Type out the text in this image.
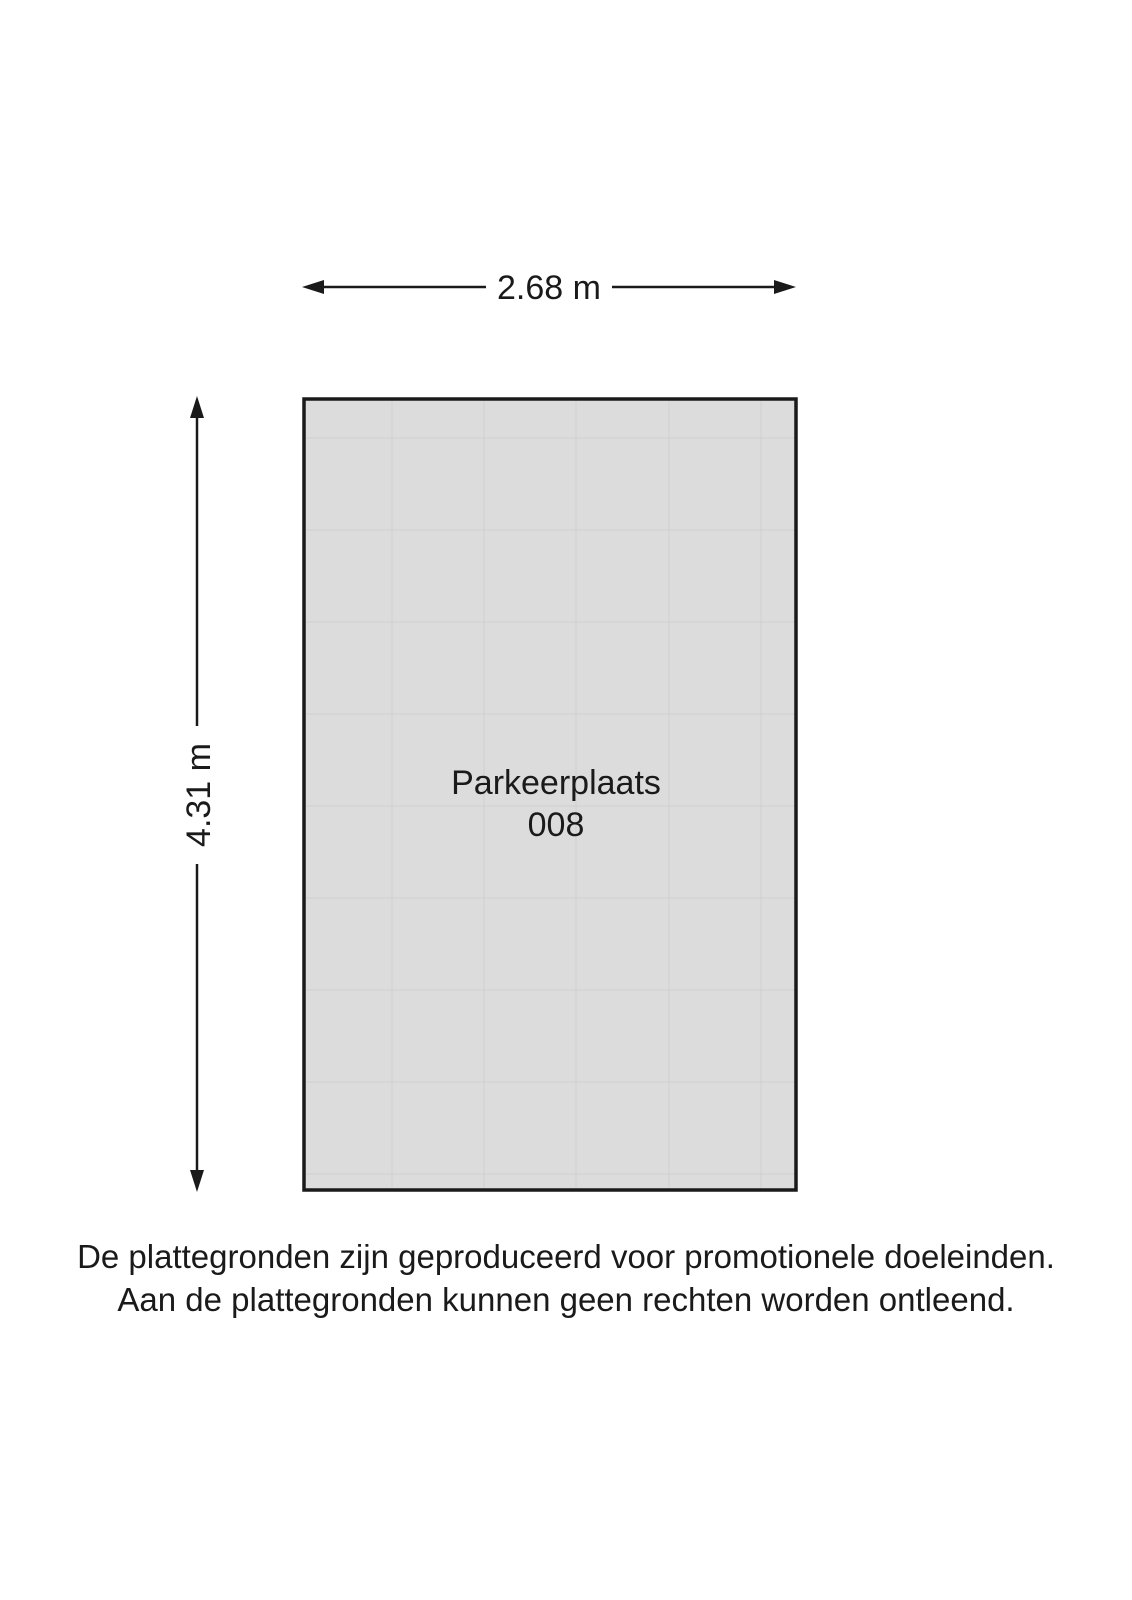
2.68 m
4.31 m	Parkeerplaats
008
De plattegronden zijn geproduceerd voor promotionele doeleinden.
Aan de plattegronden kunnen geen rechten worden ontleend.
